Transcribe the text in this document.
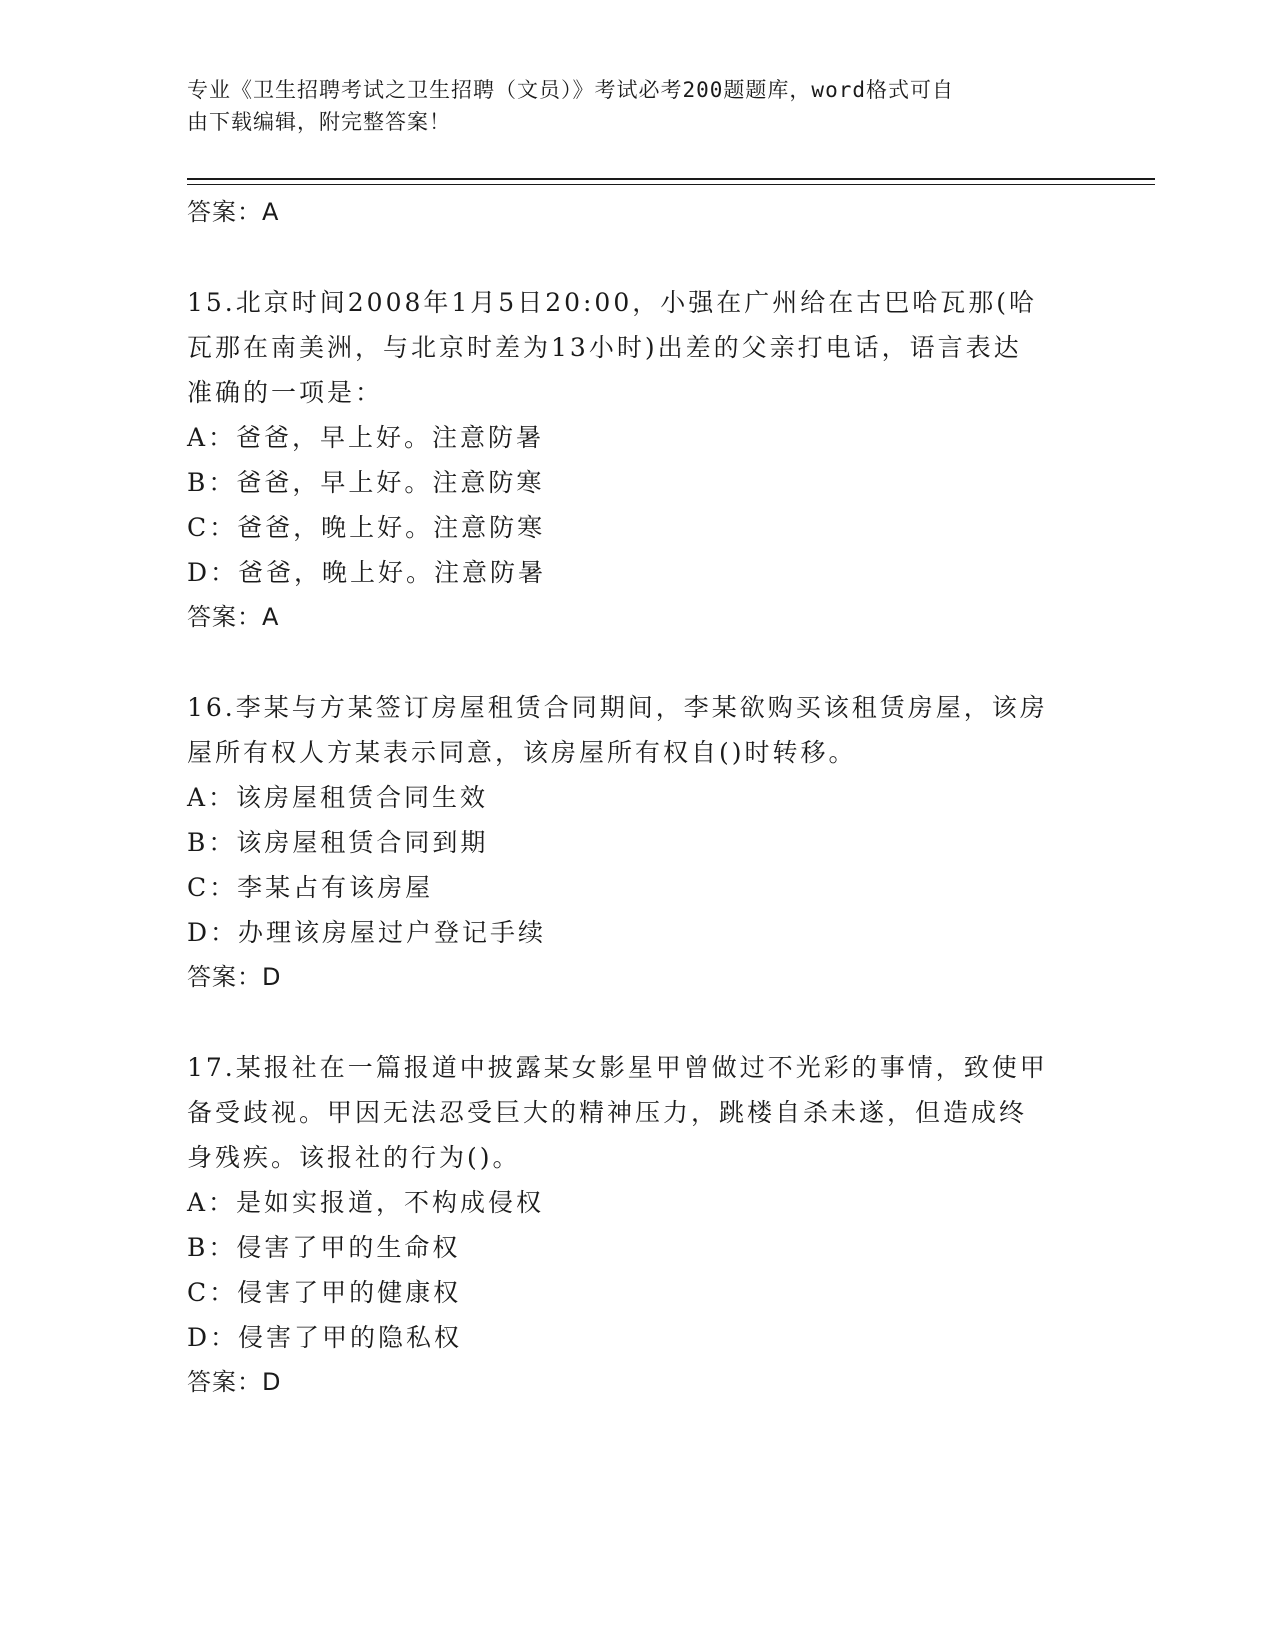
专业《卫生招聘考试之卫生招聘（文员）》考试必考200题题库，word格式可自
由下载编辑，附完整答案！
答案：A
15.北京时间2008年1月5日20:00，小强在广州给在古巴哈瓦那(哈
瓦那在南美洲，与北京时差为13小时)出差的父亲打电话，语言表达
准确的一项是：
A：爸爸，早上好。注意防暑
B：爸爸，早上好。注意防寒
C：爸爸，晚上好。注意防寒
D：爸爸，晚上好。注意防暑
答案：A
16.李某与方某签订房屋租赁合同期间，李某欲购买该租赁房屋，该房
屋所有权人方某表示同意，该房屋所有权自()时转移。
A：该房屋租赁合同生效
B：该房屋租赁合同到期
C：李某占有该房屋
D：办理该房屋过户登记手续
答案：D
17.某报社在一篇报道中披露某女影星甲曾做过不光彩的事情，致使甲
备受歧视。甲因无法忍受巨大的精神压力，跳楼自杀未遂，但造成终
身残疾。该报社的行为()。
A：是如实报道，不构成侵权
B：侵害了甲的生命权
C：侵害了甲的健康权
D：侵害了甲的隐私权
答案：D
